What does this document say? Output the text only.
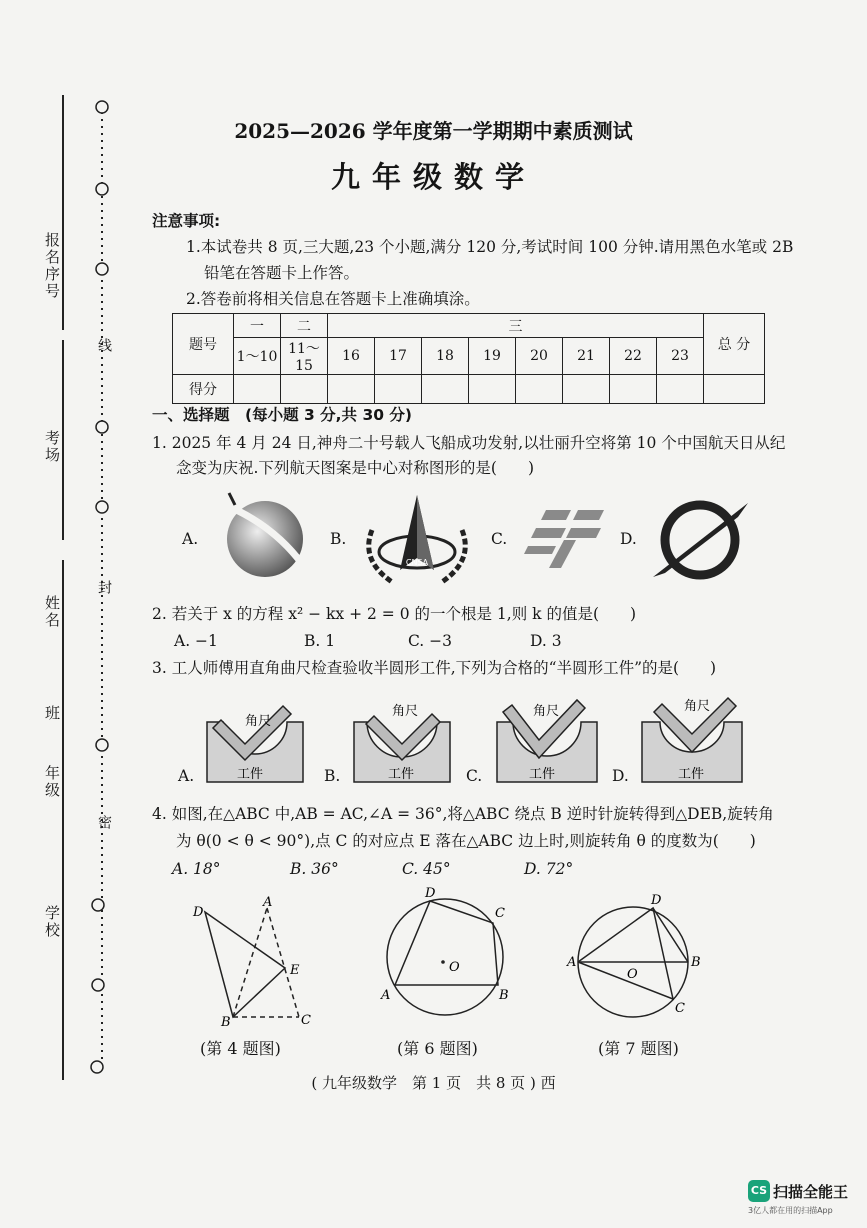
报名序号
考场
姓名
班
年级
学校
线
封
密
2025—2026 学年度第一学期期中素质测试
九年级数学
注意事项:
1.本试卷共 8 页,三大题,23 个小题,满分 120 分,考试时间 100 分钟.请用黑色水笔或 2B
铅笔在答题卡上作答。
2.答卷前将相关信息在答题卡上准确填涂。
题号	一	二	三								总 分
	1～10	11～15	16	17	18	19	20	21	22	23	
得分											
一、选择题　(每小题 3 分,共 30 分)
1. 2025 年 4 月 24 日,神舟二十号载人飞船成功发射,以壮丽升空将第 10 个中国航天日从纪
念变为庆祝.下列航天图案是中心对称图形的是(　　)
A.	B.
CNSA
C.	D.
2. 若关于 x 的方程 x² − kx + 2 = 0 的一个根是 1,则 k 的值是(　　)
A. −1	B. 1	C. −3	D. 3
3. 工人师傅用直角曲尺检查验收半圆形工件,下列为合格的“半圆形工件”的是(　　)
A.	B.	C.	D.
角尺
工件
角尺
工件
角尺
工件
角尺
工件
4. 如图,在△ABC 中,AB = AC,∠A = 36°,将△ABC 绕点 B 逆时针旋转得到△DEB,旋转角
为 θ(0 < θ < 90°),点 C 的对应点 E 落在△ABC 边上时,则旋转角 θ 的度数为(　　)
A. 18°	B. 36°	C. 45°	D. 72°
D
A
E
B	C
(第 4 题图)
D
C
O
A	B
(第 6 题图)
D
A
O
B
C
(第 7 题图)
( 九年级数学　第 1 页　共 8 页 ) 西
CS 扫描全能王
3亿人都在用的扫描App
